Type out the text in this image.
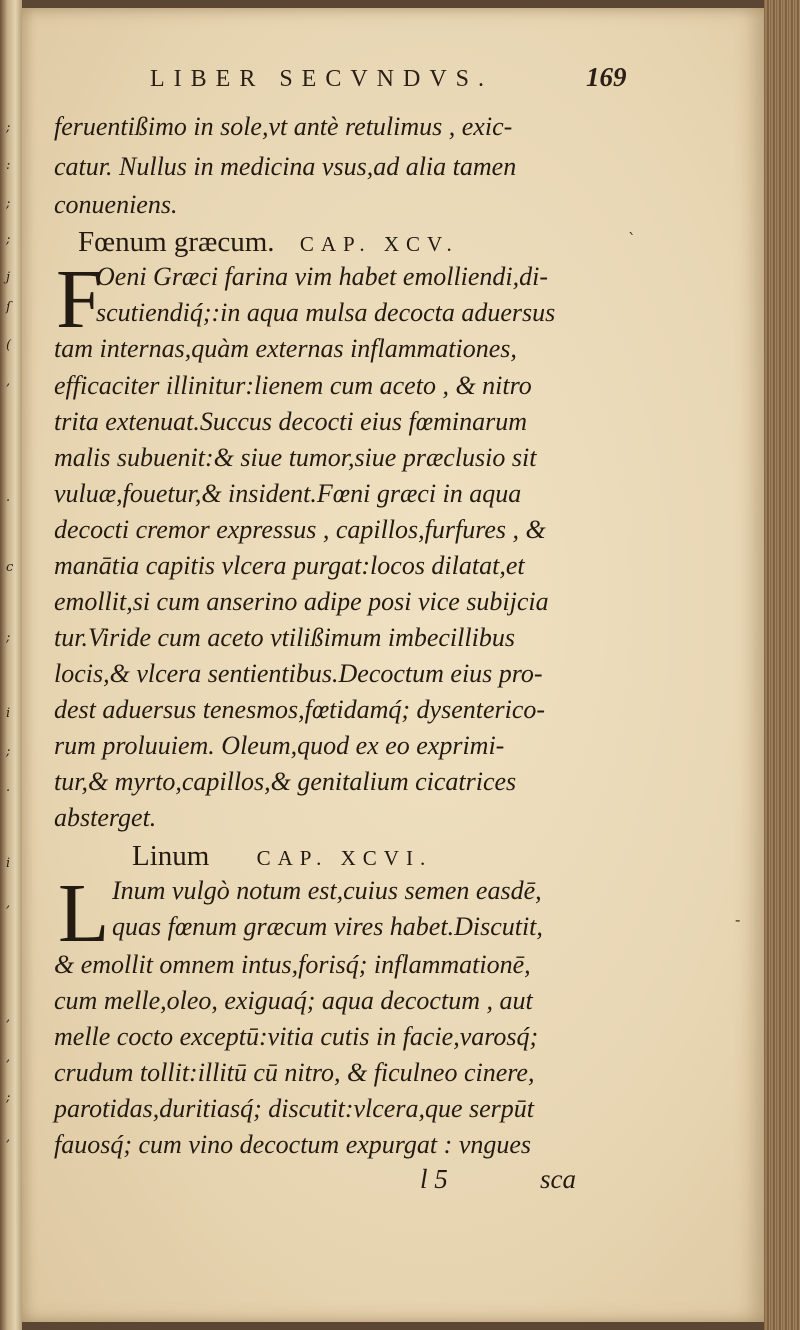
;
:
;
;
j
ſ
(
,
.
c
;
i
;
.
i
,
,
,
;
,
LIBER SECVNDVS.	169
feruentißimo in sole,vt antè retulimus , exic-
catur. Nullus in medicina vsus,ad alia tamen
conueniens.
Fœnum græcum. CAP. XCV.
F
Oeni Græci farina vim habet emolliendi,di-
scutiendiq́;:in aqua mulsa decocta aduersus
tam internas,quàm externas inflammationes,
efficaciter illinitur:lienem cum aceto , & nitro
trita extenuat.Succus decocti eius fœminarum
malis subuenit:& siue tumor,siue præclusio sit
vuluæ,fouetur,& insident.Fœni græci in aqua
decocti cremor expressus , capillos,furfures , &
manātia capitis vlcera purgat:locos dilatat,et
emollit,si cum anserino adipe posi vice subijcia
tur.Viride cum aceto vtilißimum imbecillibus
locis,& vlcera sentientibus.Decoctum eius pro-
dest aduersus tenesmos,fœtidamq́; dysenterico-
rum proluuiem. Oleum,quod ex eo exprimi-
tur,& myrto,capillos,& genitalium cicatrices
absterget.
Linum CAP. XCVI.
L Inum vulgò notum est,cuius semen easdē,
quas fœnum græcum vires habet.Discutit,
& emollit omnem intus,forisq́; inflammationē,
cum melle,oleo, exiguaq́; aqua decoctum , aut
melle cocto exceptū:vitia cutis in facie,varosq́;
crudum tollit:illitū cū nitro, & ficulneo cinere,
parotidas,duritiasq́; discutit:vlcera,que serpūt
fauosq́; cum vino decoctum expurgat : vngues
l 5	sca
ˋ
-
